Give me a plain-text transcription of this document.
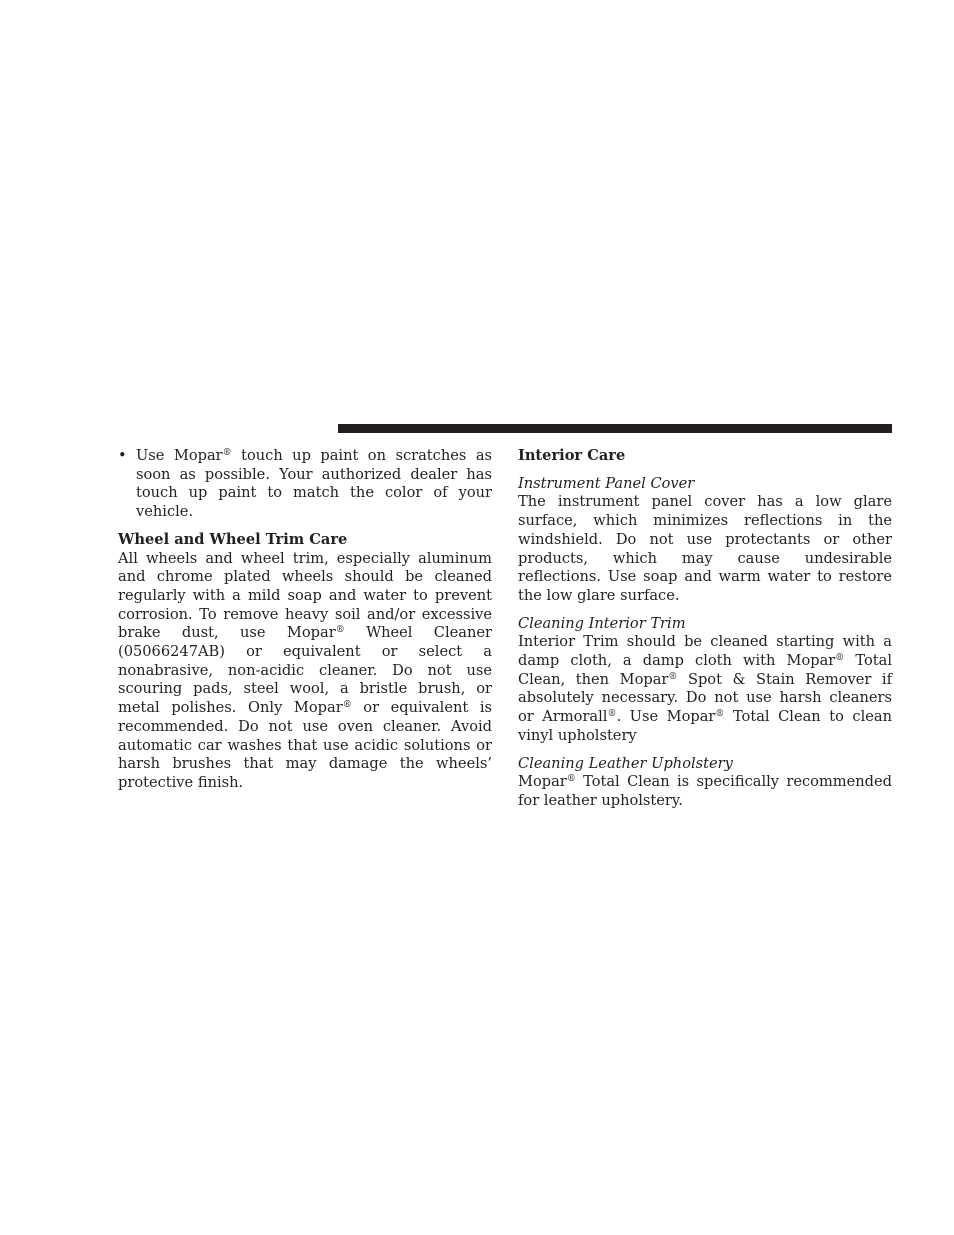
• Use Mopar® touch up paint on scratches as soon as possible. Your authorized dealer has touch up paint to match the color of your vehicle.

Wheel and Wheel Trim Care

All wheels and wheel trim, especially aluminum and chrome plated wheels should be cleaned regularly with a mild soap and water to prevent corrosion. To remove heavy soil and/or excessive brake dust, use Mopar® Wheel Cleaner (05066247AB) or equivalent or select a nonabrasive, non-acidic cleaner. Do not use scouring pads, steel wool, a bristle brush, or metal polishes. Only Mopar® or equivalent is recommended. Do not use oven cleaner. Avoid automatic car washes that use acidic solutions or harsh brushes that may damage the wheels’ protective finish.

Interior Care
Instrument Panel Cover

The instrument panel cover has a low glare surface, which minimizes reflections in the windshield. Do not use protectants or other products, which may cause undesirable reflections. Use soap and warm water to restore the low glare surface.

Cleaning Interior Trim

Interior Trim should be cleaned starting with a damp cloth, a damp cloth with Mopar® Total Clean, then Mopar® Spot & Stain Remover if absolutely necessary. Do not use harsh cleaners or Armorall®. Use Mopar® Total Clean to clean vinyl upholstery

Cleaning Leather Upholstery

Mopar® Total Clean is specifically recommended for leather upholstery.
